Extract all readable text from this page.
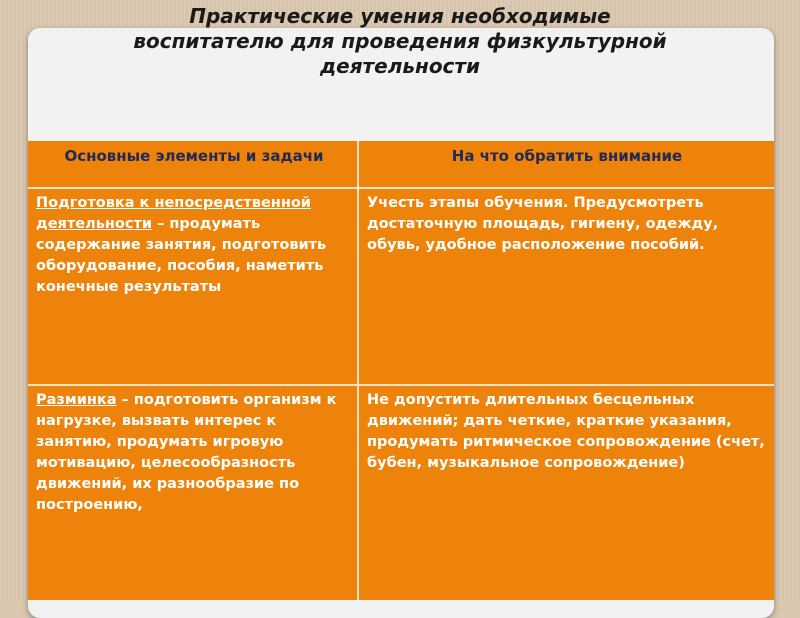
Практические умения необходимые воспитателю для проведения физкультурной деятельности
Основные элементы и задачи	На что обратить внимание
Подготовка к непосредственной деятельности – продумать содержание занятия, подготовить оборудование, пособия, наметить конечные результаты
Учесть этапы обучения. Предусмотреть достаточную площадь, гигиену, одежду, обувь, удобное расположение пособий.
Разминка – подготовить организм к нагрузке, вызвать интерес к занятию, продумать игровую мотивацию, целесообразность движений, их разнообразие по построению,
Не допустить длительных бесцельных движений; дать четкие, краткие указания, продумать ритмическое сопровождение (счет, бубен, музыкальное сопровождение)
